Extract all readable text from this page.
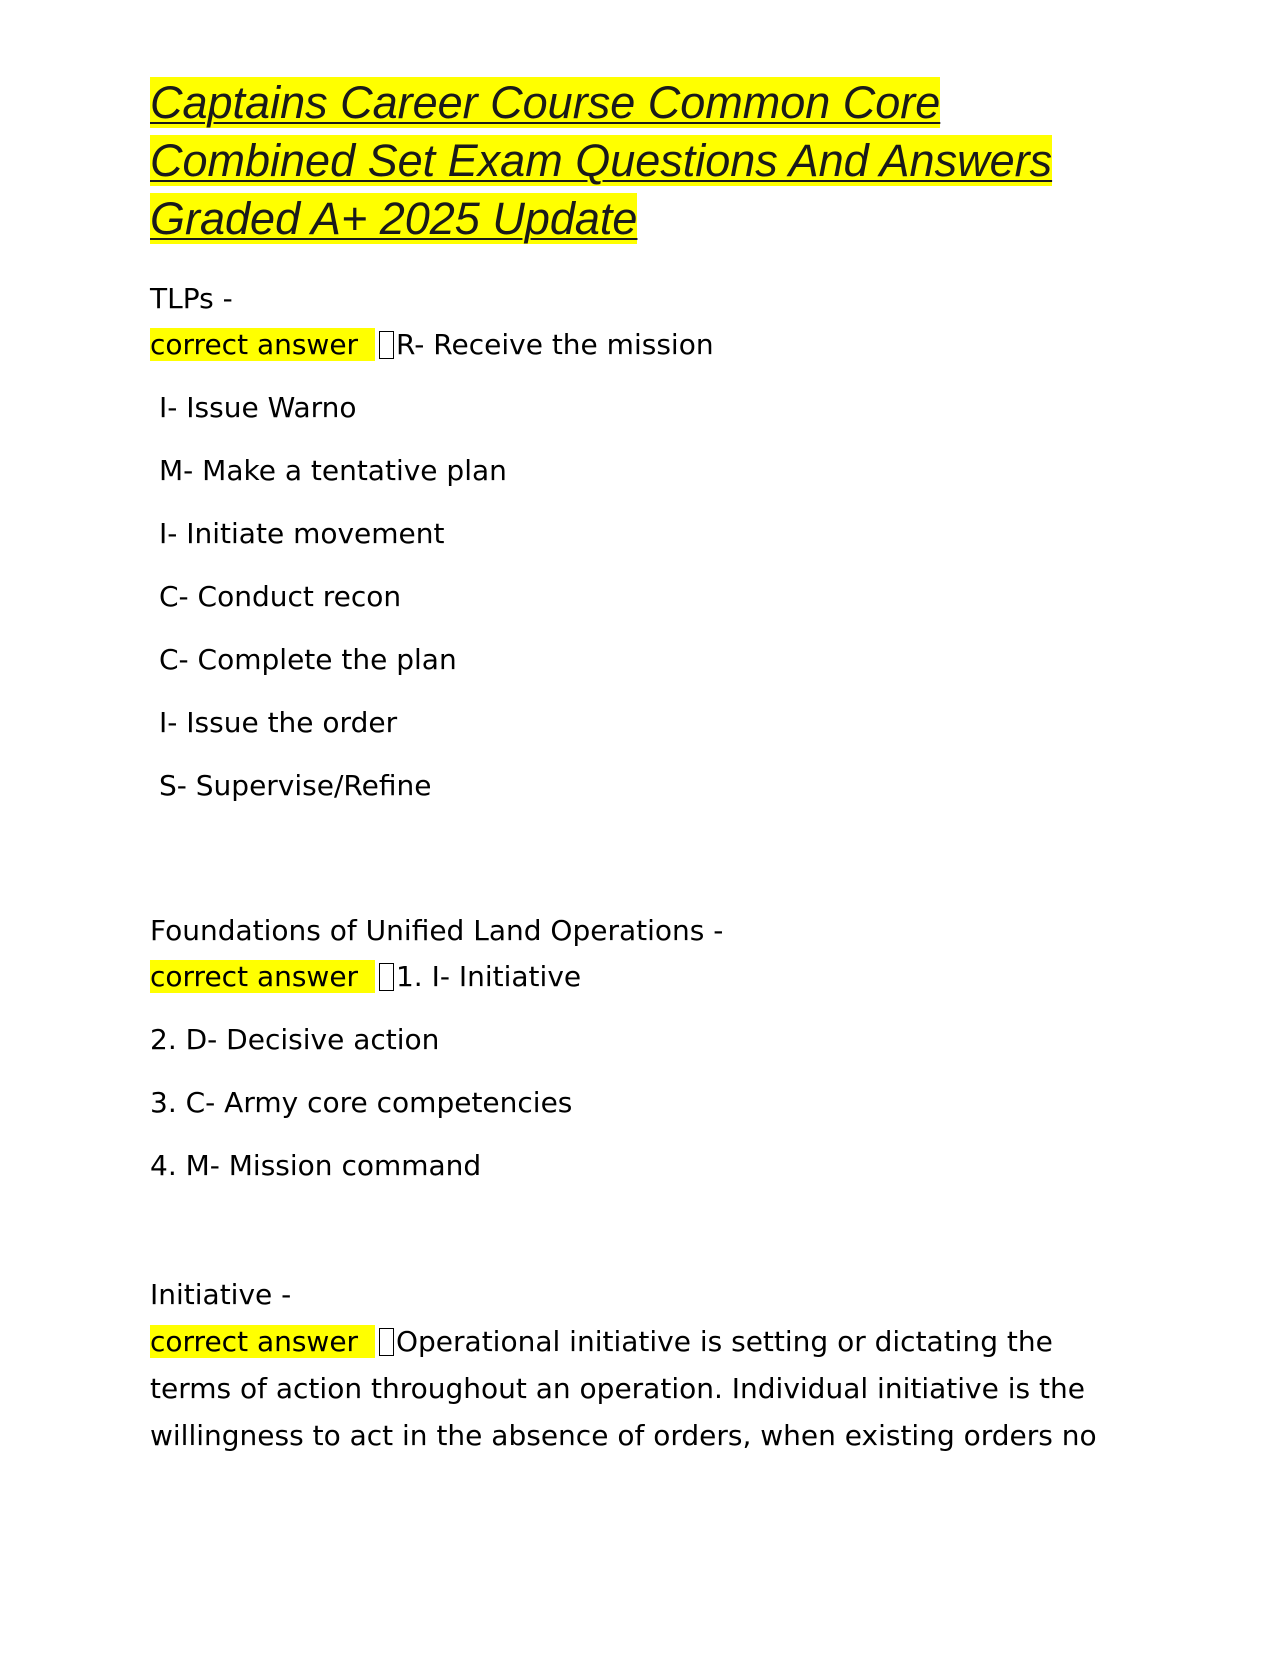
Captains Career Course Common Core Combined Set Exam Questions And Answers Graded A+ 2025 Update

TLPs -

correct answer R- Receive the mission

I- Issue Warno

M- Make a tentative plan

I- Initiate movement

C- Conduct recon

C- Complete the plan

I- Issue the order

S- Supervise/Refine

Foundations of Unified Land Operations -

correct answer 1. I- Initiative

2. D- Decisive action

3. C- Army core competencies

4. M- Mission command

Initiative -

correct answer Operational initiative is setting or dictating the

terms of action throughout an operation. Individual initiative is the

willingness to act in the absence of orders, when existing orders no
